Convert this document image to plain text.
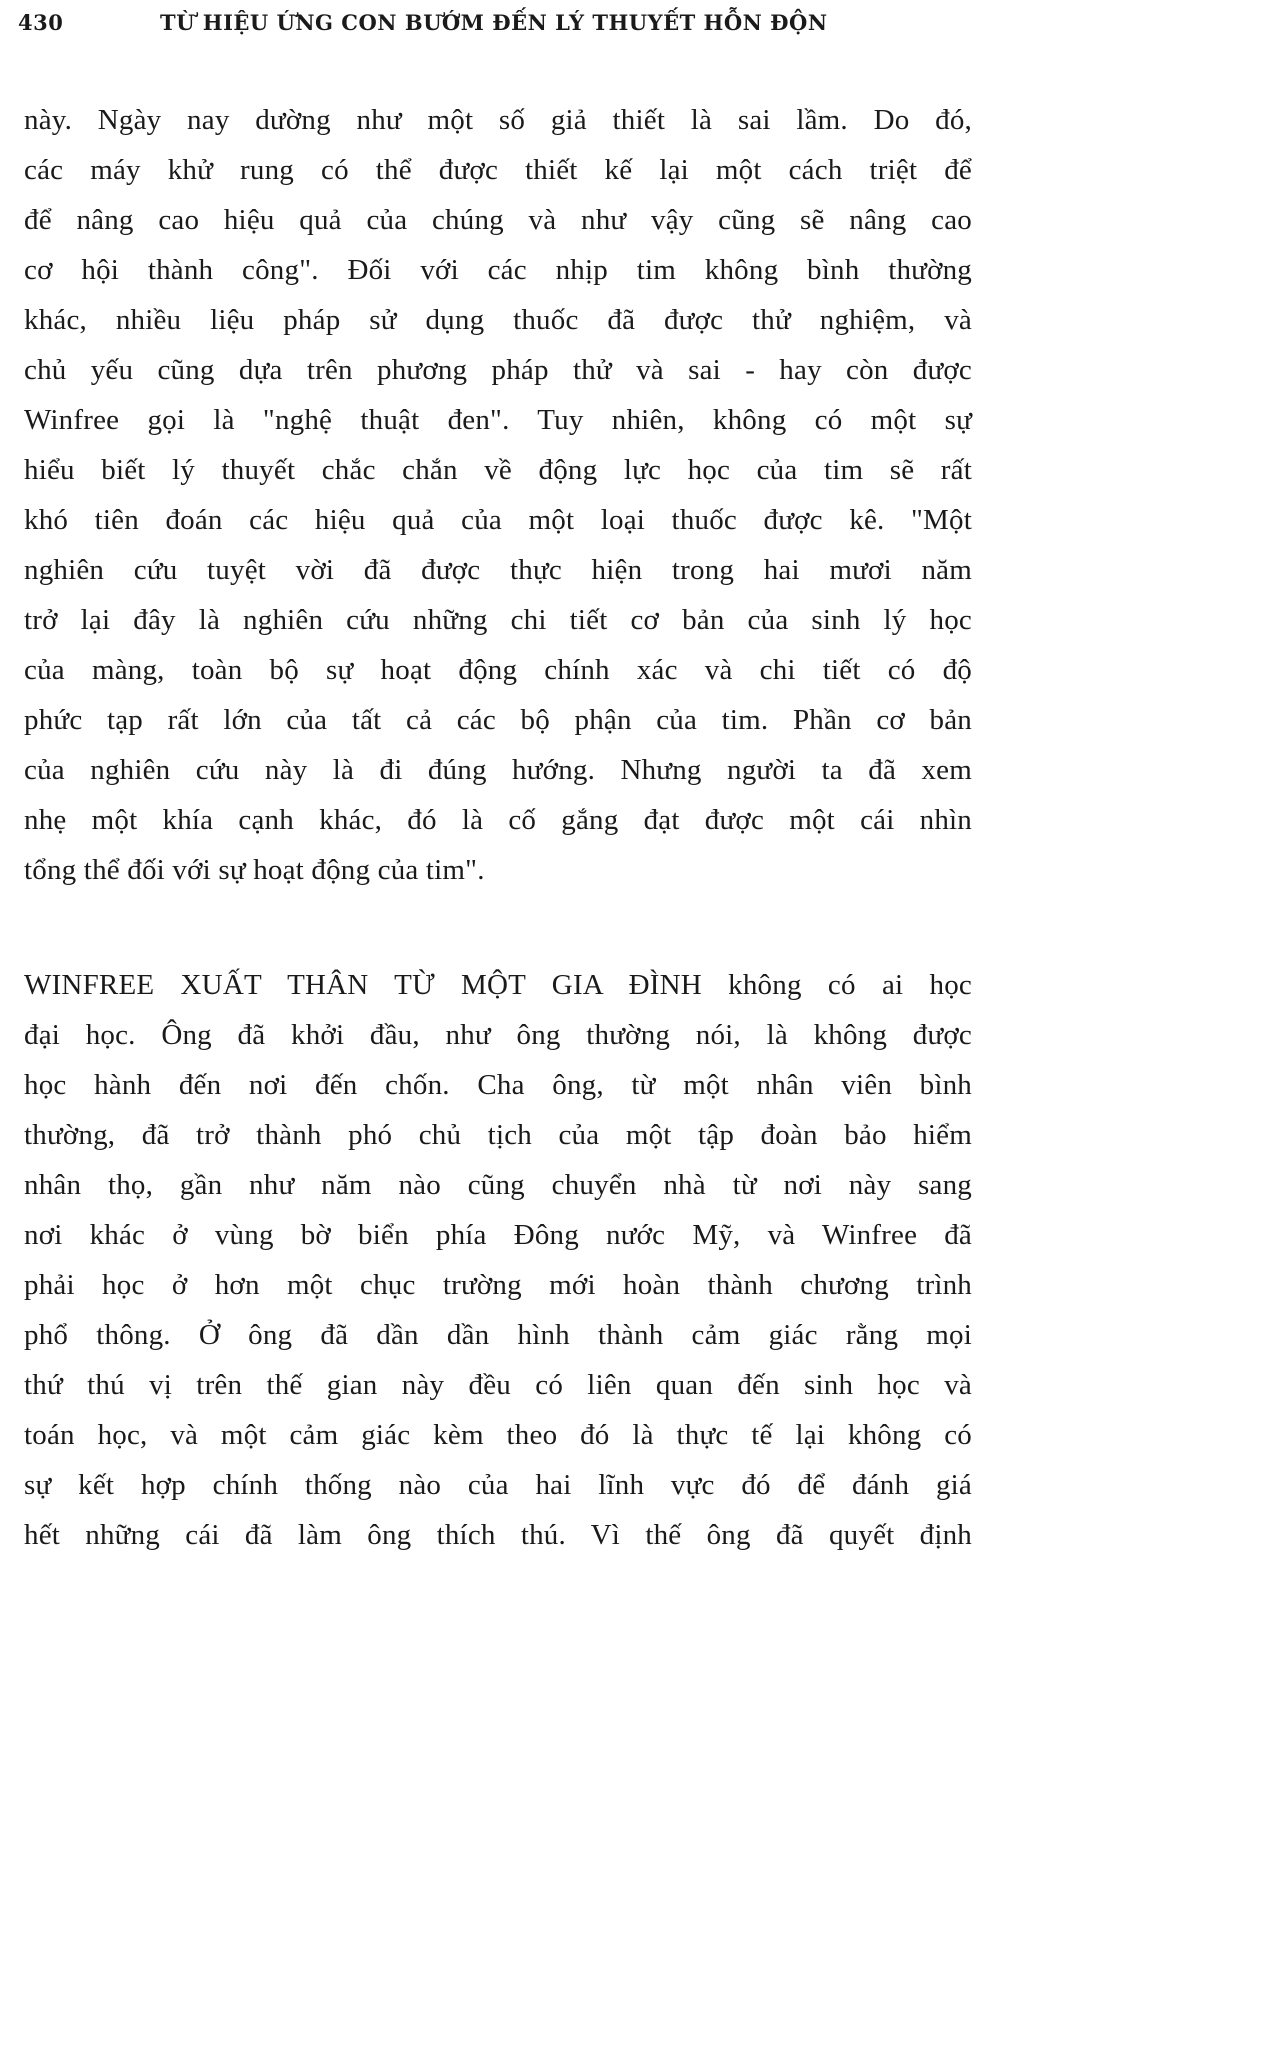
430	TỪ HIỆU ỨNG CON BƯỚM ĐẾN LÝ THUYẾT HỖN ĐỘN
này. Ngày nay dường như một số giả thiết là sai lầm. Do đó,
các máy khử rung có thể được thiết kế lại một cách triệt để
để nâng cao hiệu quả của chúng và như vậy cũng sẽ nâng cao
cơ hội thành công". Đối với các nhịp tim không bình thường
khác, nhiều liệu pháp sử dụng thuốc đã được thử nghiệm, và
chủ yếu cũng dựa trên phương pháp thử và sai - hay còn được
Winfree gọi là "nghệ thuật đen". Tuy nhiên, không có một sự
hiểu biết lý thuyết chắc chắn về động lực học của tim sẽ rất
khó tiên đoán các hiệu quả của một loại thuốc được kê. "Một
nghiên cứu tuyệt vời đã được thực hiện trong hai mươi năm
trở lại đây là nghiên cứu những chi tiết cơ bản của sinh lý học
của màng, toàn bộ sự hoạt động chính xác và chi tiết có độ
phức tạp rất lớn của tất cả các bộ phận của tim. Phần cơ bản
của nghiên cứu này là đi đúng hướng. Nhưng người ta đã xem
nhẹ một khía cạnh khác, đó là cố gắng đạt được một cái nhìn
tổng thể đối với sự hoạt động của tim".
WINFREE XUẤT THÂN TỪ MỘT GIA ĐÌNH không có ai học
đại học. Ông đã khởi đầu, như ông thường nói, là không được
học hành đến nơi đến chốn. Cha ông, từ một nhân viên bình
thường, đã trở thành phó chủ tịch của một tập đoàn bảo hiểm
nhân thọ, gần như năm nào cũng chuyển nhà từ nơi này sang
nơi khác ở vùng bờ biển phía Đông nước Mỹ, và Winfree đã
phải học ở hơn một chục trường mới hoàn thành chương trình
phổ thông. Ở ông đã dần dần hình thành cảm giác rằng mọi
thứ thú vị trên thế gian này đều có liên quan đến sinh học và
toán học, và một cảm giác kèm theo đó là thực tế lại không có
sự kết hợp chính thống nào của hai lĩnh vực đó để đánh giá
hết những cái đã làm ông thích thú. Vì thế ông đã quyết định
